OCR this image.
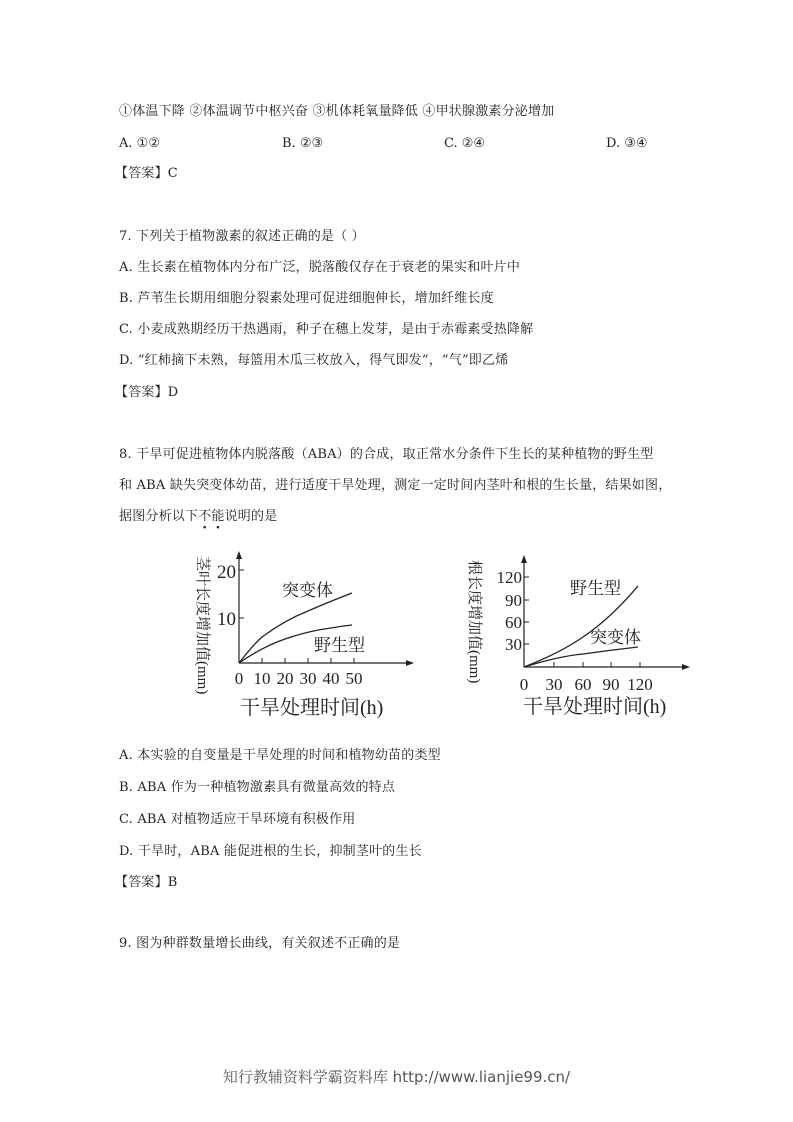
①体温下降 ②体温调节中枢兴奋 ③机体耗氧量降低 ④甲状腺激素分泌增加
A. ①②	B. ②③	C. ②④	D. ③④
【答案】C
7. 下列关于植物激素的叙述正确的是（ ）
A. 生长素在植物体内分布广泛，脱落酸仅存在于衰老的果实和叶片中
B. 芦苇生长期用细胞分裂素处理可促进细胞伸长，增加纤维长度
C. 小麦成熟期经历干热遇雨，种子在穗上发芽，是由于赤霉素受热降解
D. “红柿摘下未熟，每篮用木瓜三枚放入，得气即发”，“气”即乙烯
【答案】D
8. 干旱可促进植物体内脱落酸（ABA）的合成，取正常水分条件下生长的某种植物的野生型
和 ABA 缺失突变体幼苗，进行适度干旱处理，测定一定时间内茎叶和根的生长量，结果如图，
据图分析以下不能说明的是
10
20
0 10 20 30 40 50
突变体
野生型
干旱处理时间(h)
茎叶长度增加值(mm)	30
60
90
120
0 30 60 90 120
野生型
突变体
干旱处理时间(h)
根长度增加值(mm)
A. 本实验的自变量是干旱处理的时间和植物幼苗的类型
B. ABA 作为一种植物激素具有微量高效的特点
C. ABA 对植物适应干旱环境有积极作用
D. 干旱时，ABA 能促进根的生长，抑制茎叶的生长
【答案】B
9. 图为种群数量增长曲线，有关叙述不正确的是
知行教辅资料学霸资料库 http://www.lianjie99.cn/
